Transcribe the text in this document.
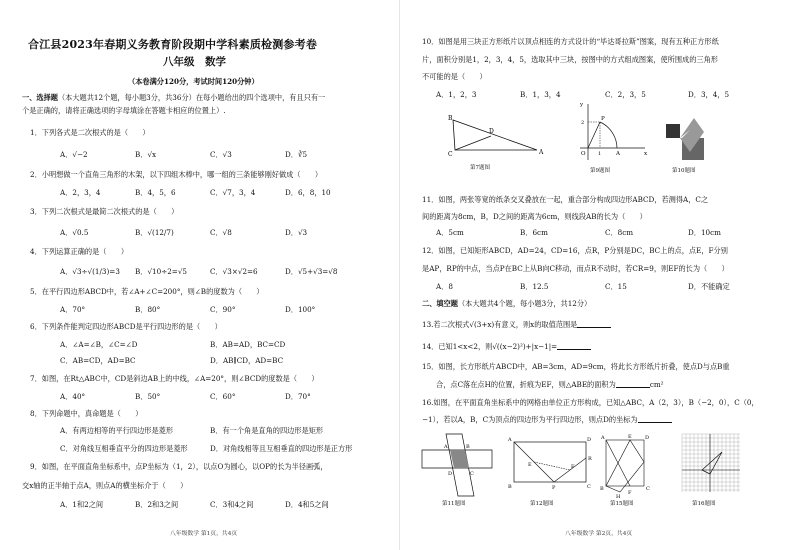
合江县2023年春期义务教育阶段期中学科素质检测参考卷
八年级　数学
（本卷满分120分，考试时间120分钟）
一、选择题（本大题共12个题，每小题3分，共36分）在每小题给出的四个选项中，有且只有一
个是正确的，请将正确选项的字母填涂在答题卡相应的位置上）.
1．下列各式是二次根式的是（　　）
A．√−2	B．√x	C．√3	D．∛5
2．小明想做一个直角三角形的木架，以下四组木棒中，哪一组的三条能够刚好做成（　　）
A．2，3，4	B．4，5，6	C．√7，3，4	D．6，8，10
3．下列二次根式是最简二次根式的是（　　）
A．√0.5	B．√(12/7)	C．√8	D．√3
4．下列运算正确的是（　　）
A．√3÷√(1/3)=3 B．√10÷2=√5	C．√3×√2=6	D．√5+√3=√8
5．在平行四边形ABCD中，若∠A+∠C=200°，则∠B的度数为（　　）
A．70°	B．80°	C．90°	D．100°
6．下列条件能判定四边形ABCD是平行四边形的是（　　）
A．∠A=∠B，∠C=∠D	B．AB=AD，BC=CD
C．AB=CD，AD=BC	D．AB∥CD，AD=BC
7．如图，在Rt△ABC中，CD是斜边AB上的中线，∠A=20°，则∠BCD的度数是（　　）
A．40°	B．50°	C．60°	D．70°
8．下列命题中，真命题是（　　）
A．有两边相等的平行四边形是菱形	B．有一个角是直角的四边形是矩形
C．对角线互相垂直平分的四边形是菱形	D．对角线相等且互相垂直的四边形是正方形
9．如图，在平面直角坐标系中，点P坐标为（1，2），以点O为圆心，以OP的长为半径画弧，
交x轴的正半轴于点A，则点A的横坐标介于（　　）
A．1和2之间	B．2和3之间	C．3和4之间	D．4和5之间
八年级数学 第1页，共4页
10．如图是用三块正方形纸片以顶点相连的方式设计的“毕达哥拉斯”图案，现有五种正方形纸
片，面积分别是1，2，3，4，5，选取其中三块，按图中的方式组成图案，使所围成的三角形
不可能的是（　　）
A．1，2，3	B．1，3，4	C．2，3，5	D．3，4，5
B
D
C	A
第7题图
y
P
O 1
2
A	x
第9题图	第10题图
11．如图，两张等宽的纸条交叉叠放在一起，重合部分构成四边形ABCD，若测得A，C之
间的距离为8cm，B，D之间的距离为6cm，则线段AB的长为（　　）
A．5cm	B．6cm	C．8cm	D．10cm
12．如图，已知矩形ABCD，AD=24，CD=16，点R，P分别是DC，BC上的点，点E，F分别
是AP，RP的中点，当点P在BC上从B向C移动，而点R不动时，若CR=9，则EF的长为（　　）
A．8	B．12.5	C．15	D．不能确定
二、填空题（本大题共4个题，每小题3分，共12分）
13.若二次根式√(3+x)有意义，则x的取值范围是
14．已知1<x<2，则√((x−2)²)+|x−1|=
15．如图，长方形纸片ABCD中，AB=3cm，AD=9cm，将此长方形纸片折叠，使点D与点B重
合，点C落在点H的位置，折痕为EF，则△ABE的面积为	cm²
16.如图，在平面直角坐标系中的网格由单位正方形构成，已知△ABC，A（2，3），B（−2，0），C（0，
−1），若以A，B，C为顶点的四边形为平行四边形，则点D的坐标为
A	B
C
D
第11题图
A	D
R
E	F
B	P	C
第12题图
A	E	D
B
F
C
H
第15题图	第16题图
八年级数学 第2页，共4页
